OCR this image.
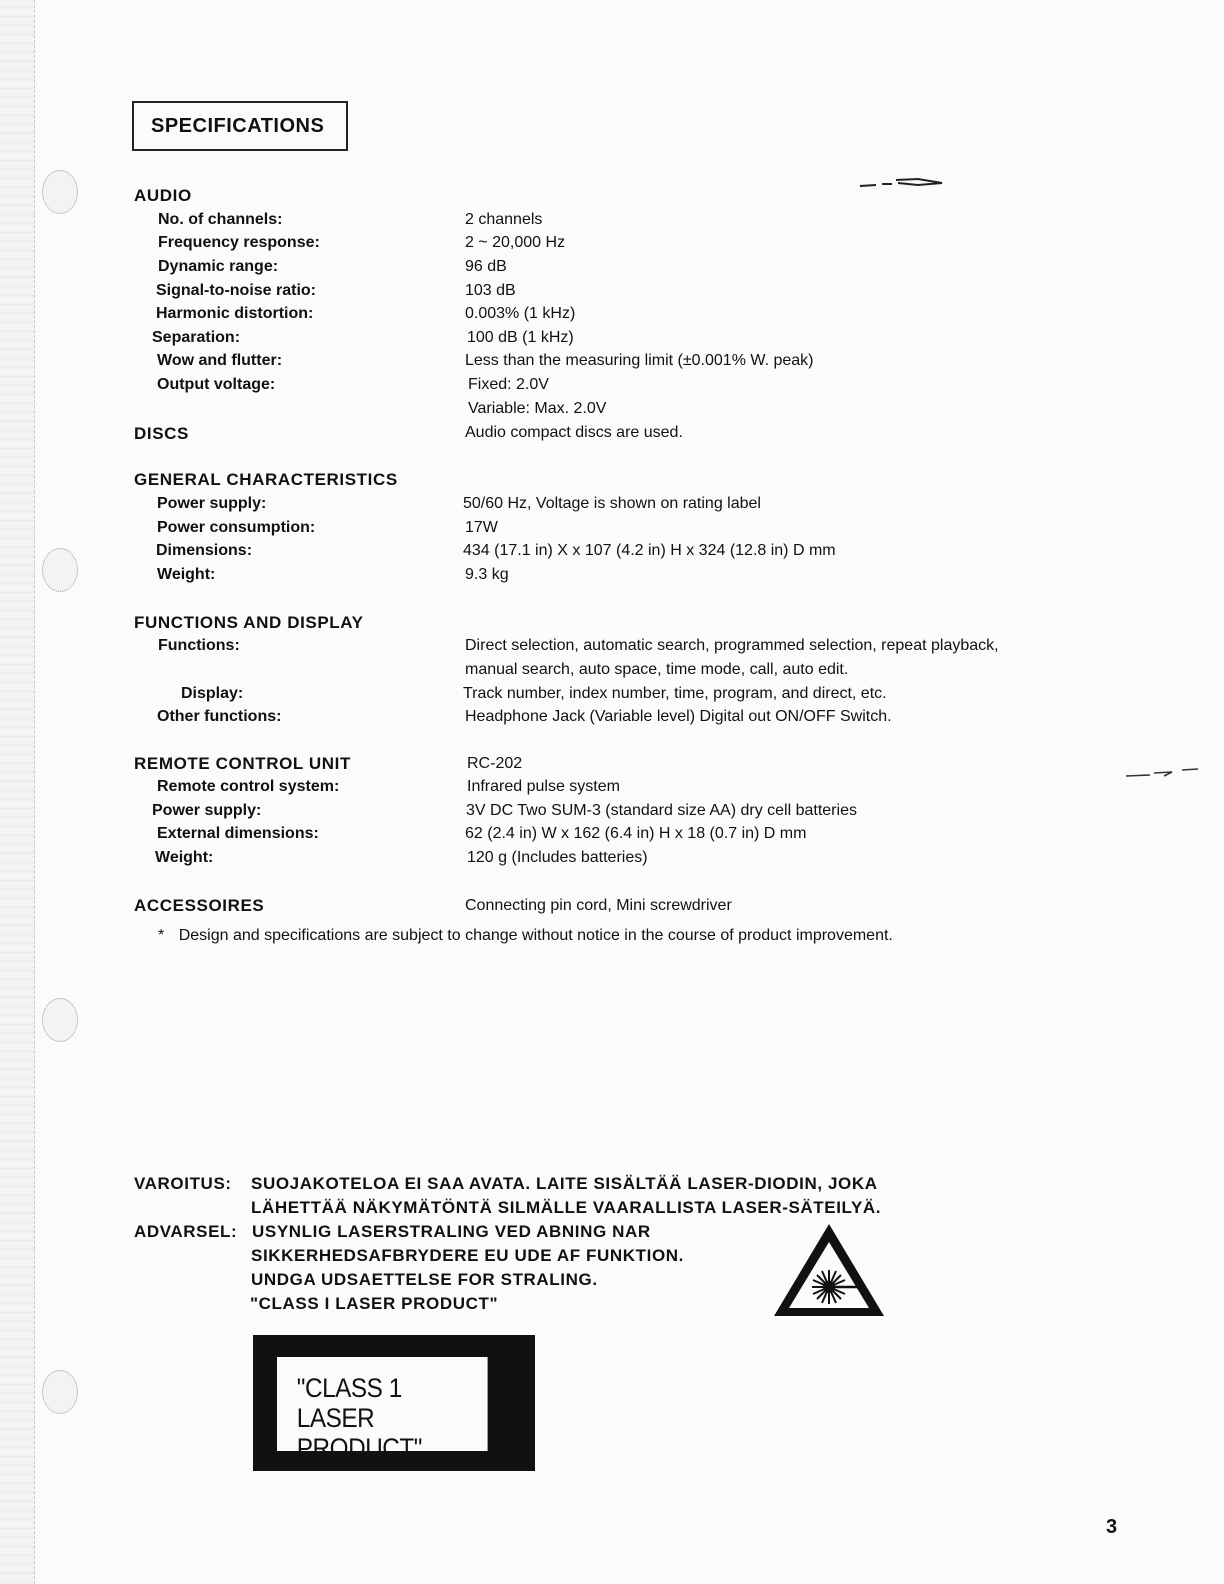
SPECIFICATIONS
AUDIO
No. of channels:	2 channels
Frequency response:	2 ~ 20,000 Hz
Dynamic range:	96 dB
Signal-to-noise ratio:	103 dB
Harmonic distortion:	0.003% (1 kHz)
Separation:	100 dB (1 kHz)
Wow and flutter:	Less than the measuring limit (±0.001% W. peak)
Output voltage:	Fixed: 2.0V
Variable: Max. 2.0V
DISCS	Audio compact discs are used.
GENERAL CHARACTERISTICS
Power supply:	50/60 Hz, Voltage is shown on rating label
Power consumption:	17W
Dimensions:	434 (17.1 in) X x 107 (4.2 in) H x 324 (12.8 in) D mm
Weight:	9.3 kg
FUNCTIONS AND DISPLAY
Functions:	Direct selection, automatic search, programmed selection, repeat playback,
manual search, auto space, time mode, call, auto edit.
Display:	Track number, index number, time, program, and direct, etc.
Other functions:	Headphone Jack (Variable level) Digital out ON/OFF Switch.
REMOTE CONTROL UNIT	RC-202
Remote control system:	Infrared pulse system
Power supply:	3V DC Two SUM-3 (standard size AA) dry cell batteries
External dimensions:	62 (2.4 in) W x 162 (6.4 in) H x 18 (0.7 in) D mm
Weight:	120 g (Includes batteries)
ACCESSOIRES	Connecting pin cord, Mini screwdriver
* Design and specifications are subject to change without notice in the course of product improvement.
VAROITUS: SUOJAKOTELOA EI SAA AVATA. LAITE SISÄLTÄÄ LASER-DIODIN, JOKA
LÄHETTÄÄ NÄKYMÄTÖNTÄ SILMÄLLE VAARALLISTA LASER-SÄTEILYÄ.
ADVARSEL: USYNLIG LASERSTRALING VED ABNING NAR
SIKKERHEDSAFBRYDERE EU UDE AF FUNKTION.
UNDGA UDSAETTELSE FOR STRALING.
"CLASS I LASER PRODUCT"
"CLASS 1
LASER PRODUCT"
3
